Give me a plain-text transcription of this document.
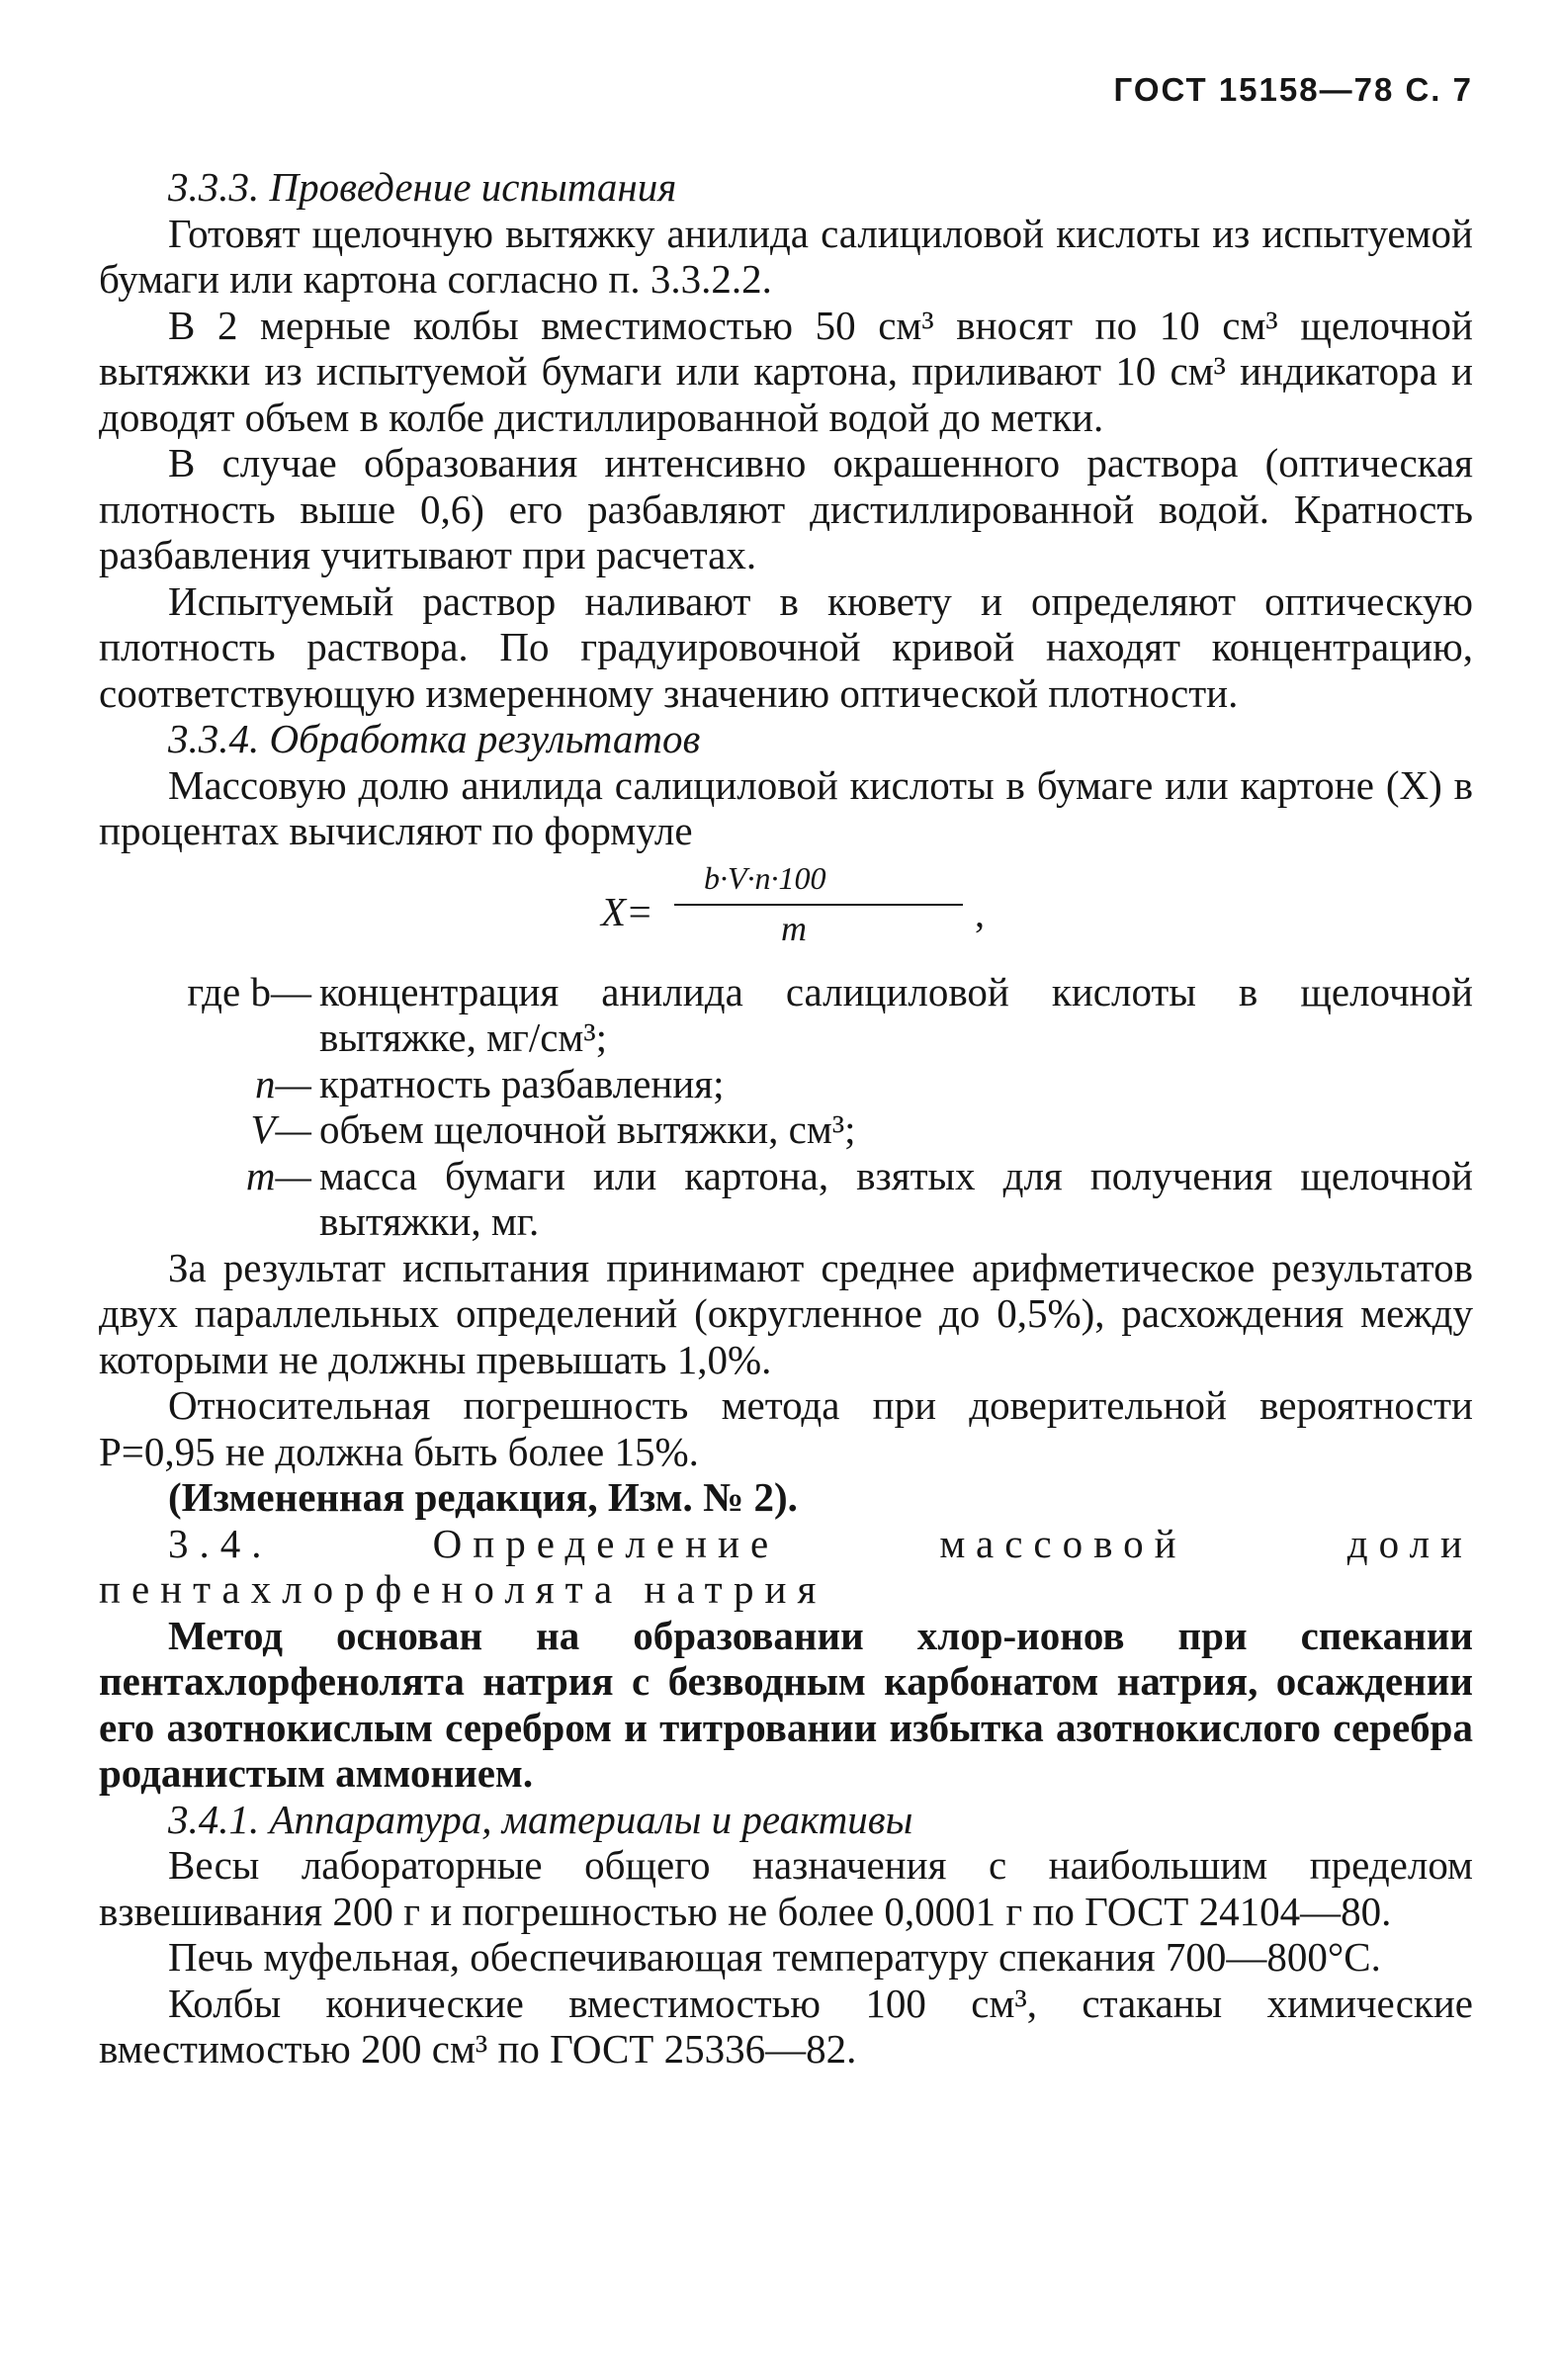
ГОСТ 15158—78 С. 7

3.3.3. Проведение испытания

Готовят щелочную вытяжку анилида салициловой кислоты из испытуемой бумаги или картона согласно п. 3.3.2.2.

В 2 мерные колбы вместимостью 50 см³ вносят по 10 см³ щелочной вытяжки из испытуемой бумаги или картона, приливают 10 см³ индикатора и доводят объем в колбе дистиллированной водой до метки.

В случае образования интенсивно окрашенного раствора (оптическая плотность выше 0,6) его разбавляют дистиллированной водой. Кратность разбавления учитывают при расчетах.

Испытуемый раствор наливают в кювету и определяют оптическую плотность раствора. По градуировочной кривой находят концентрацию, соответствующую измеренному значению оптической плотности.

3.3.4. Обработка результатов

Массовую долю анилида салициловой кислоты в бумаге или картоне (X) в процентах вычисляют по формуле

X=
b·V·n·100
m	,
где b— концентрация анилида салициловой кислоты в щелочной вытяжке, мг/см³;
n— кратность разбавления;
V— объем щелочной вытяжки, см³;
m— масса бумаги или картона, взятых для получения щелочной вытяжки, мг.

За результат испытания принимают среднее арифметическое результатов двух параллельных определений (округленное до 0,5%), расхождения между которыми не должны превышать 1,0%.

Относительная погрешность метода при доверительной вероятности P=0,95 не должна быть более 15%.

(Измененная редакция, Изм. № 2).

3.4. Определение массовой доли пентахлорфенолята натрия

Метод основан на образовании хлор-ионов при спекании пентахлорфенолята натрия с безводным карбонатом натрия, осаждении его азотнокислым серебром и титровании избытка азотнокислого серебра роданистым аммонием.

3.4.1. Аппаратура, материалы и реактивы

Весы лабораторные общего назначения с наибольшим пределом взвешивания 200 г и погрешностью не более 0,0001 г по ГОСТ 24104—80.

Печь муфельная, обеспечивающая температуру спекания 700—800°С.

Колбы конические вместимостью 100 см³, стаканы химические вместимостью 200 см³ по ГОСТ 25336—82.
